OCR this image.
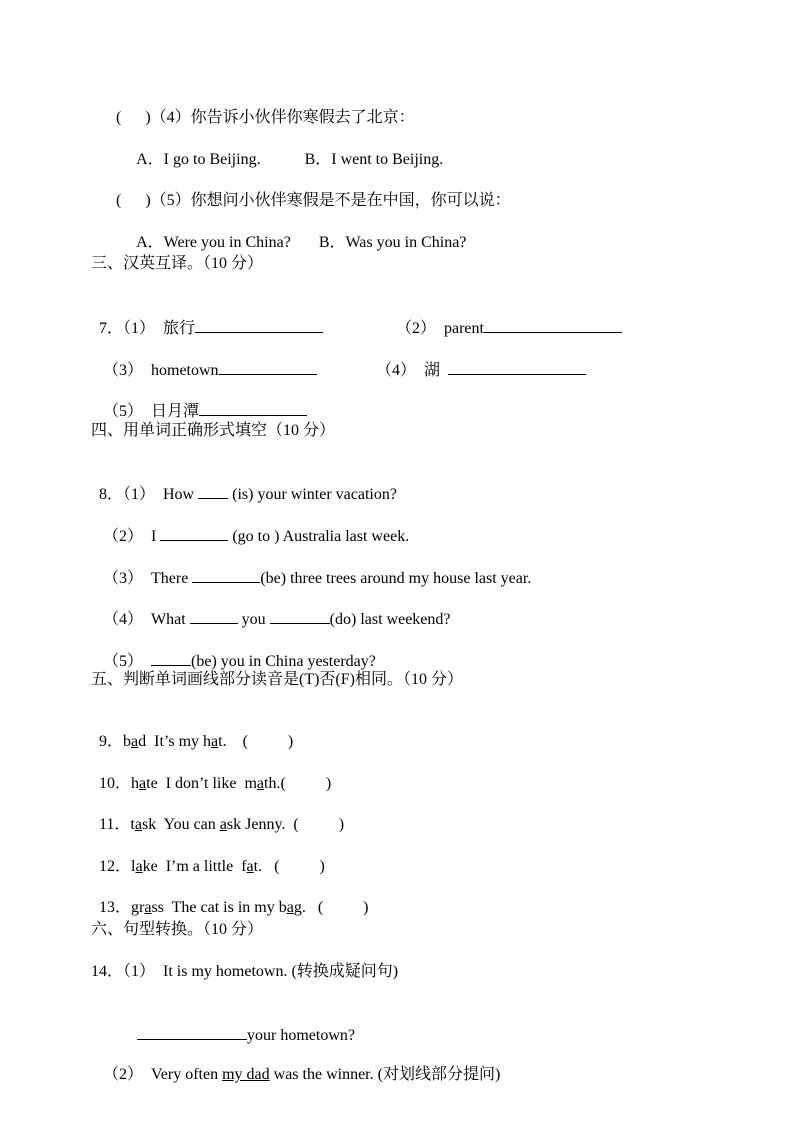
(      )（4）你告诉小伙伴你寒假去了北京：

A．I go to Beijing.	B．I went to Beijing.

(      )（5）你想问小伙伴寒假是不是在中国，你可以说：

A．Were you in China? B．Was you in China?

三、汉英互译。（10 分）

7．（1） 旅行	（2）  parent

（3）  hometown	（4）  湖

（5）  日月潭

四、用单词正确形式填空（10 分）

8．（1）  How  (is) your winter vacation?

（2）  I	(go to ) Australia last week.

（3）  There	(be) three trees around my house last year.

（4）  What	you	(do) last weekend?

（5）	(be) you in China yesterday?

五、判断单词画线部分读音是(T)否(F)相同。（10 分）

9．bad  It’s my hat. (          )

10．hate  I don’t like  math.(          )

11．task  You can ask Jenny. (          )

12．lake  I’m a little  fat. (          )

13．grass  The cat is in my bag. (          )

六、句型转换。（10 分）
14．（1）  It is my hometown. (转换成疑问句)

your hometown?

（2）  Very often my dad was the winner. (对划线部分提问)
